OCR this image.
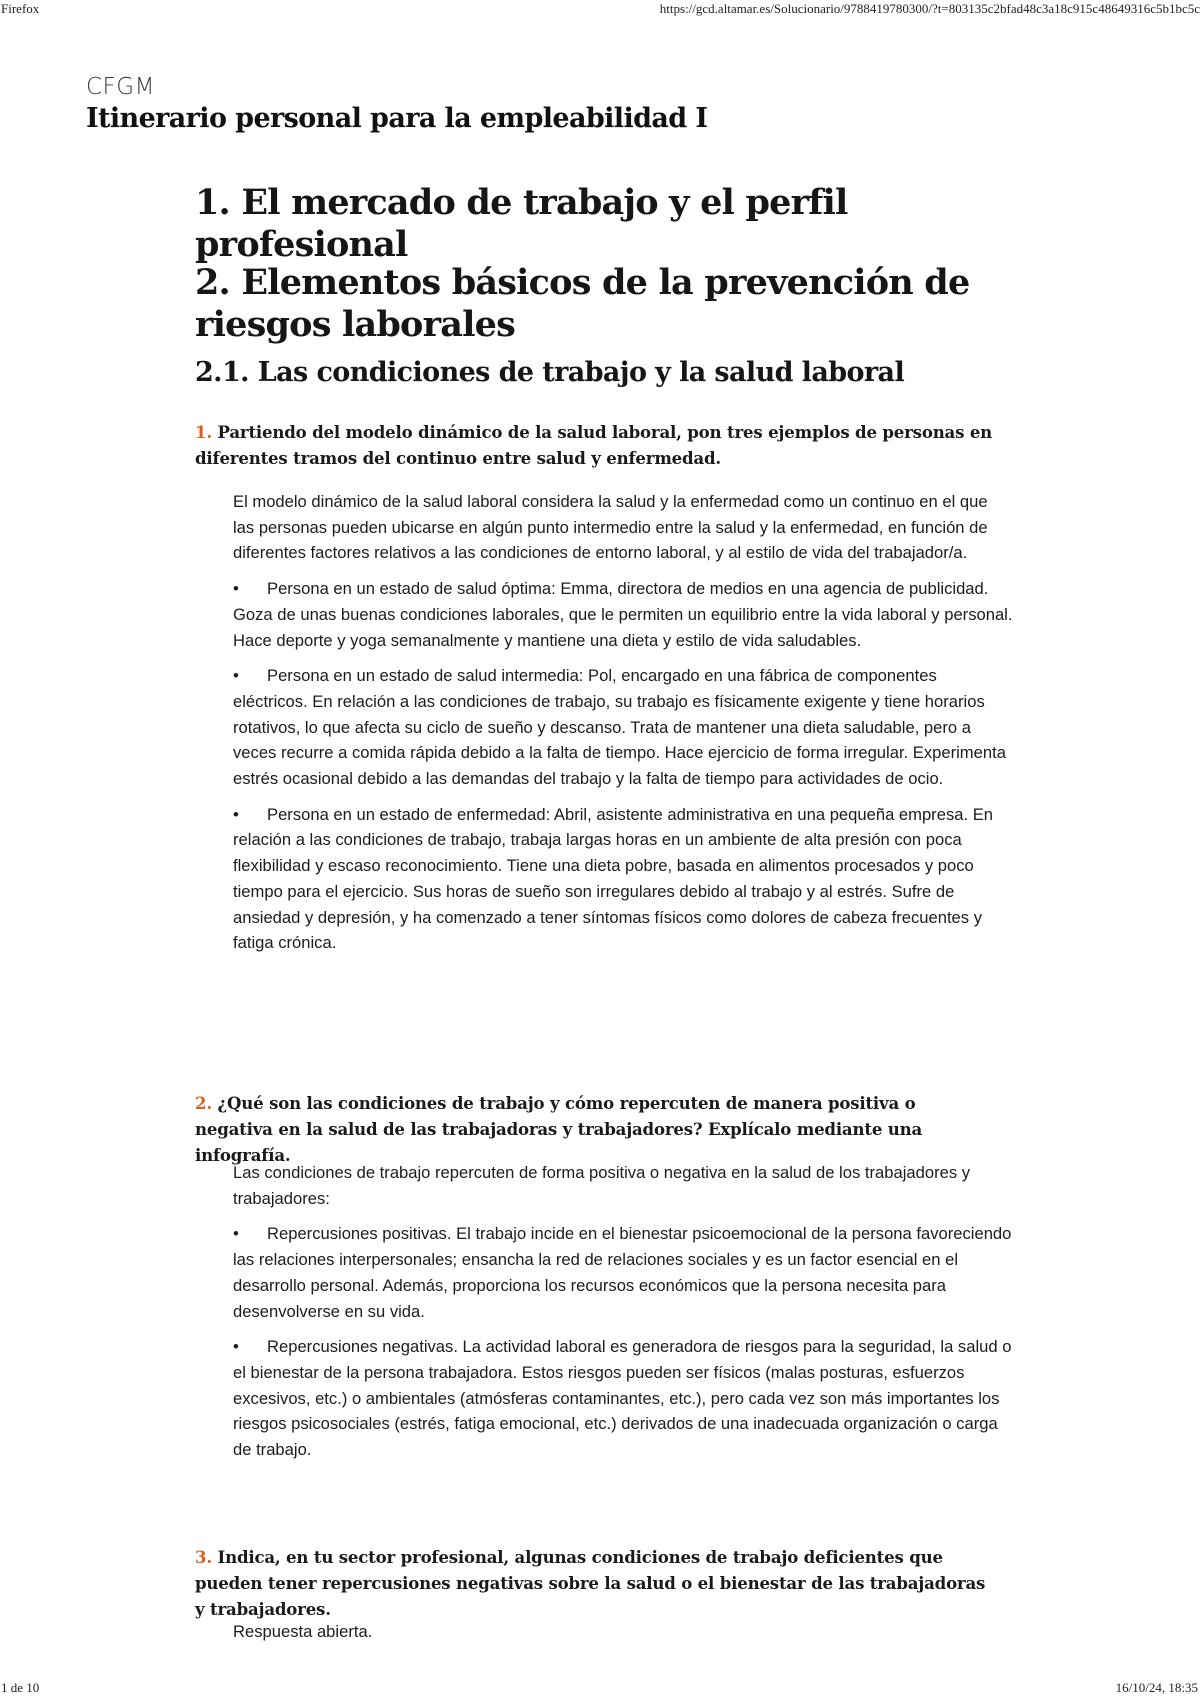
Firefox	https://gcd.altamar.es/Solucionario/9788419780300/?t=803135c2bfad48c3a18c915c48649316c5b1bc5c
CFGM
Itinerario personal para la empleabilidad I
1. El mercado de trabajo y el perfil profesional
2. Elementos básicos de la prevención de riesgos laborales
2.1. Las condiciones de trabajo y la salud laboral
1. Partiendo del modelo dinámico de la salud laboral, pon tres ejemplos de personas en diferentes tramos del continuo entre salud y enfermedad.

El modelo dinámico de la salud laboral considera la salud y la enfermedad como un continuo en el que las personas pueden ubicarse en algún punto intermedio entre la salud y la enfermedad, en función de diferentes factores relativos a las condiciones de entorno laboral, y al estilo de vida del trabajador/a.

• Persona en un estado de salud óptima: Emma, directora de medios en una agencia de publicidad. Goza de unas buenas condiciones laborales, que le permiten un equilibrio entre la vida laboral y personal. Hace deporte y yoga semanalmente y mantiene una dieta y estilo de vida saludables.

• Persona en un estado de salud intermedia: Pol, encargado en una fábrica de componentes eléctricos. En relación a las condiciones de trabajo, su trabajo es físicamente exigente y tiene horarios rotativos, lo que afecta su ciclo de sueño y descanso. Trata de mantener una dieta saludable, pero a veces recurre a comida rápida debido a la falta de tiempo. Hace ejercicio de forma irregular. Experimenta estrés ocasional debido a las demandas del trabajo y la falta de tiempo para actividades de ocio.

• Persona en un estado de enfermedad: Abril, asistente administrativa en una pequeña empresa. En relación a las condiciones de trabajo, trabaja largas horas en un ambiente de alta presión con poca flexibilidad y escaso reconocimiento. Tiene una dieta pobre, basada en alimentos procesados y poco tiempo para el ejercicio. Sus horas de sueño son irregulares debido al trabajo y al estrés. Sufre de ansiedad y depresión, y ha comenzado a tener síntomas físicos como dolores de cabeza frecuentes y fatiga crónica.

2. ¿Qué son las condiciones de trabajo y cómo repercuten de manera positiva o negativa en la salud de las trabajadoras y trabajadores? Explícalo mediante una infografía.

Las condiciones de trabajo repercuten de forma positiva o negativa en la salud de los trabajadores y trabajadores:

• Repercusiones positivas. El trabajo incide en el bienestar psicoemocional de la persona favoreciendo las relaciones interpersonales; ensancha la red de relaciones sociales y es un factor esencial en el desarrollo personal. Además, proporciona los recursos económicos que la persona necesita para desenvolverse en su vida.

• Repercusiones negativas. La actividad laboral es generadora de riesgos para la seguridad, la salud o el bienestar de la persona trabajadora. Estos riesgos pueden ser físicos (malas posturas, esfuerzos excesivos, etc.) o ambientales (atmósferas contaminantes, etc.), pero cada vez son más importantes los riesgos psicosociales (estrés, fatiga emocional, etc.) derivados de una inadecuada organización o carga de trabajo.

3. Indica, en tu sector profesional, algunas condiciones de trabajo deficientes que pueden tener repercusiones negativas sobre la salud o el bienestar de las trabajadoras y trabajadores.

Respuesta abierta.

1 de 10	16/10/24, 18:35
